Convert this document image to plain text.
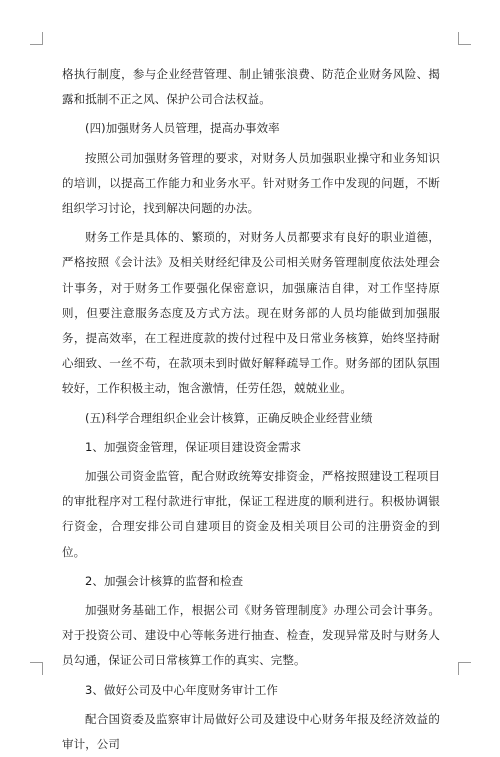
格执行制度，参与企业经营管理、制止铺张浪费、防范企业财务风险、揭露和抵制不正之风、保护公司合法权益。

(四)加强财务人员管理，提高办事效率

按照公司加强财务管理的要求，对财务人员加强职业操守和业务知识的培训，以提高工作能力和业务水平。针对财务工作中发现的问题，不断组织学习讨论，找到解决问题的办法。

财务工作是具体的、繁琐的，对财务人员都要求有良好的职业道德，严格按照《会计法》及相关财经纪律及公司相关财务管理制度依法处理会计事务，对于财务工作要强化保密意识，加强廉洁自律，对工作坚持原则，但要注意服务态度及方式方法。现在财务部的人员均能做到加强服务，提高效率，在工程进度款的拨付过程中及日常业务核算，始终坚持耐心细致、一丝不苟，在款项未到时做好解释疏导工作。财务部的团队氛围较好，工作积极主动，饱含激情，任劳任怨，兢兢业业。

(五)科学合理组织企业会计核算，正确反映企业经营业绩

1、加强资金管理，保证项目建设资金需求

加强公司资金监管，配合财政统筹安排资金，严格按照建设工程项目的审批程序对工程付款进行审批，保证工程进度的顺利进行。积极协调银行资金，合理安排公司自建项目的资金及相关项目公司的注册资金的到位。

2、加强会计核算的监督和检查

加强财务基础工作，根据公司《财务管理制度》办理公司会计事务。对于投资公司、建设中心等帐务进行抽查、检查，发现异常及时与财务人员勾通，保证公司日常核算工作的真实、完整。

3、做好公司及中心年度财务审计工作

配合国资委及监察审计局做好公司及建设中心财务年报及经济效益的审计，公司
